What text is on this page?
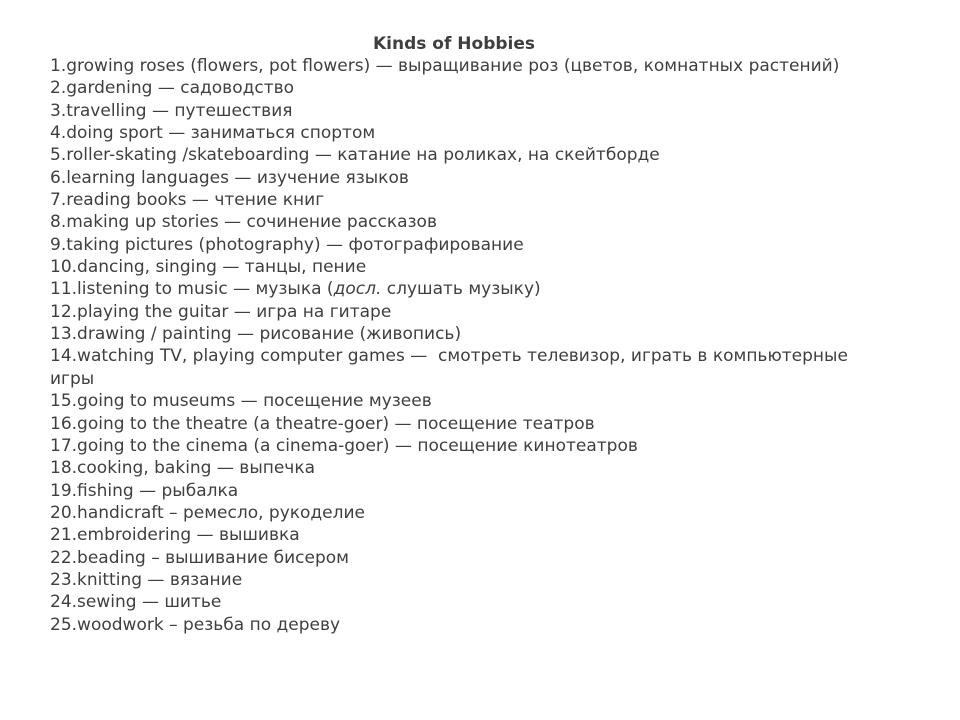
Kinds of Hobbies
1.growing roses (flowers, pot flowers) — выращивание роз (цветов, комнатных растений)
2.gardening — садоводство
3.travelling — путешествия
4.doing sport — заниматься спортом
5.roller-skating /skateboarding — катание на роликах, на скейтборде
6.learning languages — изучение языков
7.reading books — чтение книг
8.making up stories — сочинение рассказов
9.taking pictures (photography) — фотографирование
10.dancing, singing — танцы, пение
11.listening to music — музыка (досл. слушать музыку)
12.playing the guitar — игра на гитаре
13.drawing / painting — рисование (живопись)
14.watching TV, playing computer games —  смотреть телевизор, играть в компьютерные игры
15.going to museums — посещение музеев
16.going to the theatre (a theatre-goer) — посещение театров
17.going to the cinema (a cinema-goer) — посещение кинотеатров
18.cooking, baking — выпечка
19.fishing — рыбалка
20.handicraft – ремесло, рукоделие
21.embroidering — вышивка
22.beading – вышивание бисером
23.knitting — вязание
24.sewing — шитье
25.woodwork – резьба по дереву
